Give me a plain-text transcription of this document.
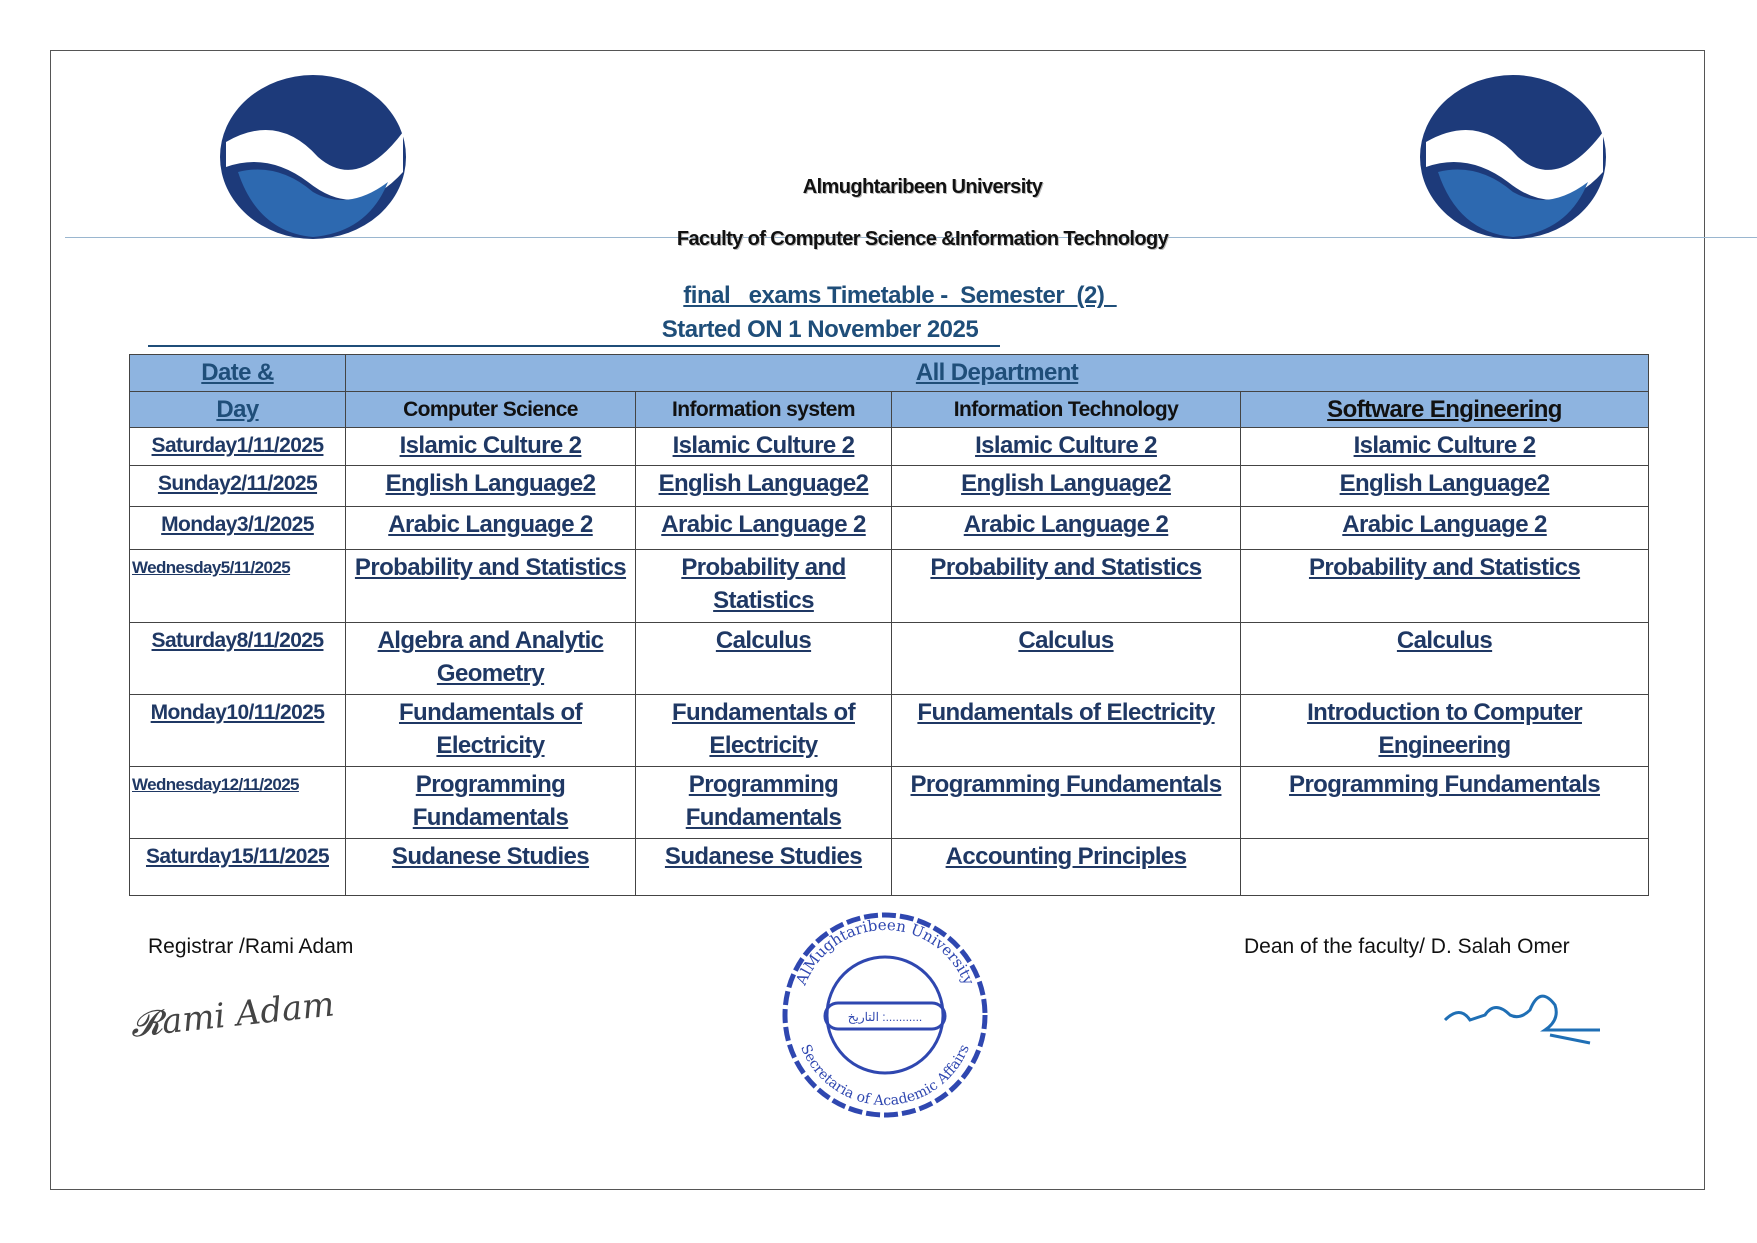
Almughtaribeen University
Faculty of Computer Science &Information Technology
final   exams Timetable -  Semester  (2)
Started ON 1 November 2025
Date &	All Department			
Day	Computer Science	Information system	Information Technology	Software Engineering
Saturday1/11/2025	Islamic Culture 2	Islamic Culture 2	Islamic Culture 2	Islamic Culture 2
Sunday2/11/2025	English Language2	English Language2	English Language2	English Language2
Monday3/1/2025	Arabic Language 2	Arabic Language 2	Arabic Language 2	Arabic Language 2
Wednesday5/11/2025	Probability and Statistics	Probability and Statistics	Probability and Statistics	Probability and Statistics
Saturday8/11/2025	Algebra and Analytic Geometry	Calculus	Calculus	Calculus
Monday10/11/2025	Fundamentals of Electricity	Fundamentals of Electricity	Fundamentals of Electricity	Introduction to Computer Engineering
Wednesday12/11/2025	Programming Fundamentals	Programming Fundamentals	Programming Fundamentals	Programming Fundamentals
Saturday15/11/2025	Sudanese Studies	Sudanese Studies	Accounting Principles	
Registrar /Rami Adam	Dean of the faculty/ D. Salah Omer
𝓡ami Adam
AlMughtaribeen University
Secretaria of Academic Affairs
التاريخ :...........
